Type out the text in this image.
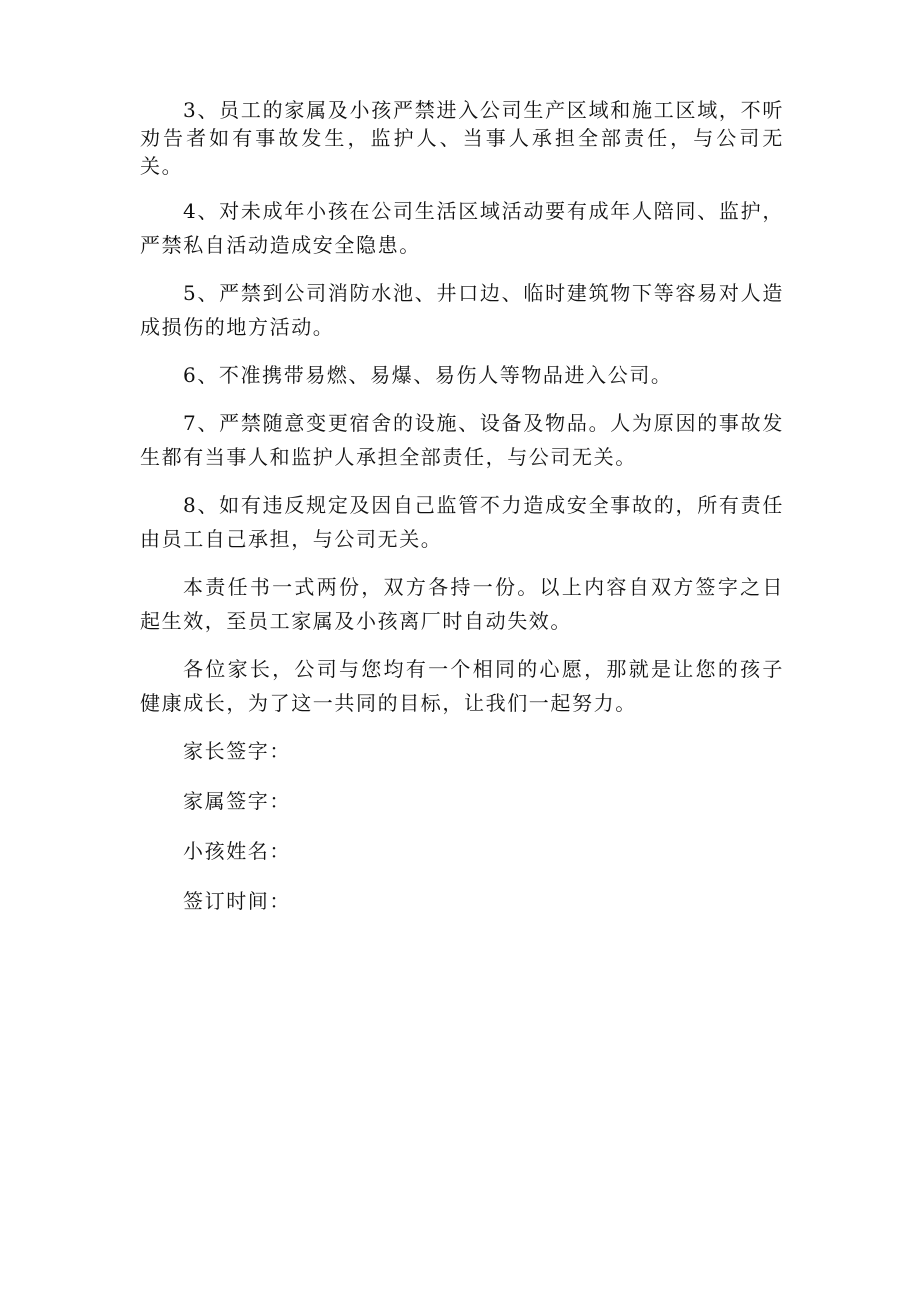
3、员工的家属及小孩严禁进入公司生产区域和施工区域，不听劝告者如有事故发生，监护人、当事人承担全部责任，与公司无关。

4、对未成年小孩在公司生活区域活动要有成年人陪同、监护，严禁私自活动造成安全隐患。

5、严禁到公司消防水池、井口边、临时建筑物下等容易对人造成损伤的地方活动。

6、不准携带易燃、易爆、易伤人等物品进入公司。

7、严禁随意变更宿舍的设施、设备及物品。人为原因的事故发生都有当事人和监护人承担全部责任，与公司无关。

8、如有违反规定及因自己监管不力造成安全事故的，所有责任由员工自己承担，与公司无关。

本责任书一式两份，双方各持一份。以上内容自双方签字之日起生效，至员工家属及小孩离厂时自动失效。

各位家长，公司与您均有一个相同的心愿，那就是让您的孩子健康成长，为了这一共同的目标，让我们一起努力。

家长签字：
家属签字：
小孩姓名：
签订时间：
